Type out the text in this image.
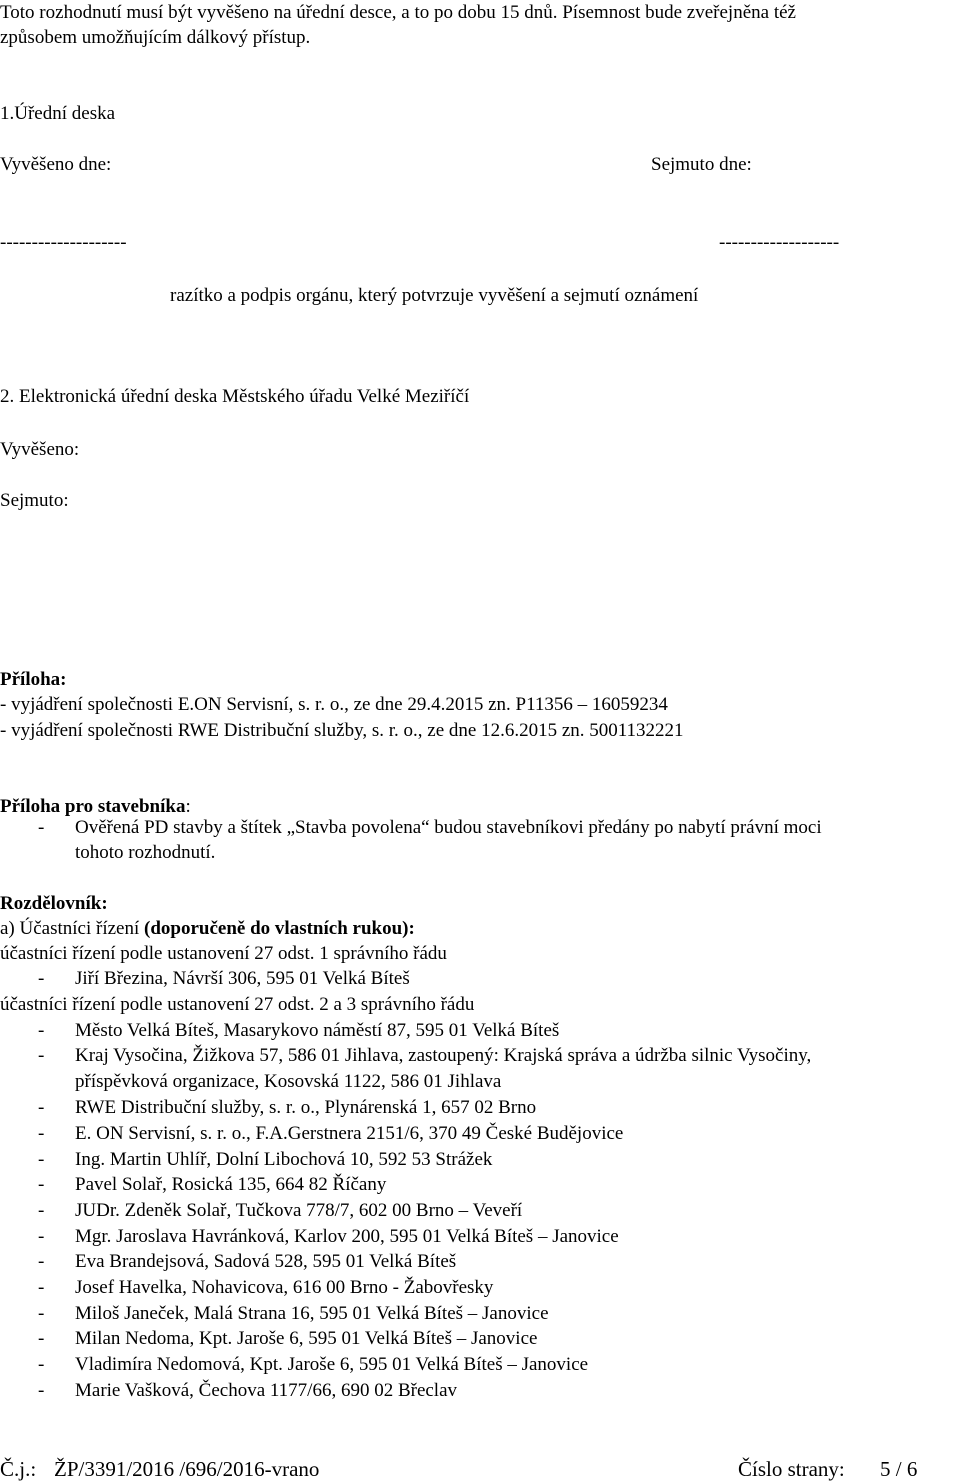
Toto rozhodnutí musí být vyvěšeno na úřední desce, a to po dobu 15 dnů. Písemnost bude zveřejněna též
způsobem umožňujícím dálkový přístup.
1.Úřední deska
Vyvěšeno dne:	Sejmuto dne:
--------------------	-------------------
razítko a podpis orgánu, který potvrzuje vyvěšení a sejmutí oznámení
2. Elektronická úřední deska Městského úřadu Velké Meziříčí
Vyvěšeno:
Sejmuto:
Příloha:
- vyjádření společnosti E.ON Servisní, s. r. o., ze dne 29.4.2015 zn. P11356 – 16059234
- vyjádření společnosti RWE Distribuční služby, s. r. o., ze dne 12.6.2015 zn. 5001132221
Příloha pro stavebníka:
- Ověřená PD stavby a štítek „Stavba povolena“ budou stavebníkovi předány po nabytí právní moci
tohoto rozhodnutí.
Rozdělovník:
a) Účastníci řízení (doporučeně do vlastních rukou):
účastníci řízení podle ustanovení 27 odst. 1 správního řádu
- Jiří Březina, Návrší 306, 595 01 Velká Bíteš
účastníci řízení podle ustanovení 27 odst. 2 a 3 správního řádu
- Město Velká Bíteš, Masarykovo náměstí 87, 595 01 Velká Bíteš
- Kraj Vysočina, Žižkova 57, 586 01 Jihlava, zastoupený: Krajská správa a údržba silnic Vysočiny,
příspěvková organizace, Kosovská 1122, 586 01 Jihlava
- RWE Distribuční služby, s. r. o., Plynárenská 1, 657 02 Brno
- E. ON Servisní, s. r. o., F.A.Gerstnera 2151/6, 370 49 České Budějovice
- Ing. Martin Uhlíř, Dolní Libochová 10, 592 53 Strážek
- Pavel Solař, Rosická 135, 664 82 Říčany
- JUDr. Zdeněk Solař, Tučkova 778/7, 602 00 Brno – Veveří
- Mgr. Jaroslava Havránková, Karlov 200, 595 01 Velká Bíteš – Janovice
- Eva Brandejsová, Sadová 528, 595 01 Velká Bíteš
- Josef Havelka, Nohavicova, 616 00 Brno - Žabovřesky
- Miloš Janeček, Malá Strana 16, 595 01 Velká Bíteš – Janovice
- Milan Nedoma, Kpt. Jaroše 6, 595 01 Velká Bíteš – Janovice
- Vladimíra Nedomová, Kpt. Jaroše 6, 595 01 Velká Bíteš – Janovice
- Marie Vašková, Čechova 1177/66, 690 02 Břeclav
Č.j.: ŽP/3391/2016 /696/2016-vrano	Číslo strany: 5 / 6
